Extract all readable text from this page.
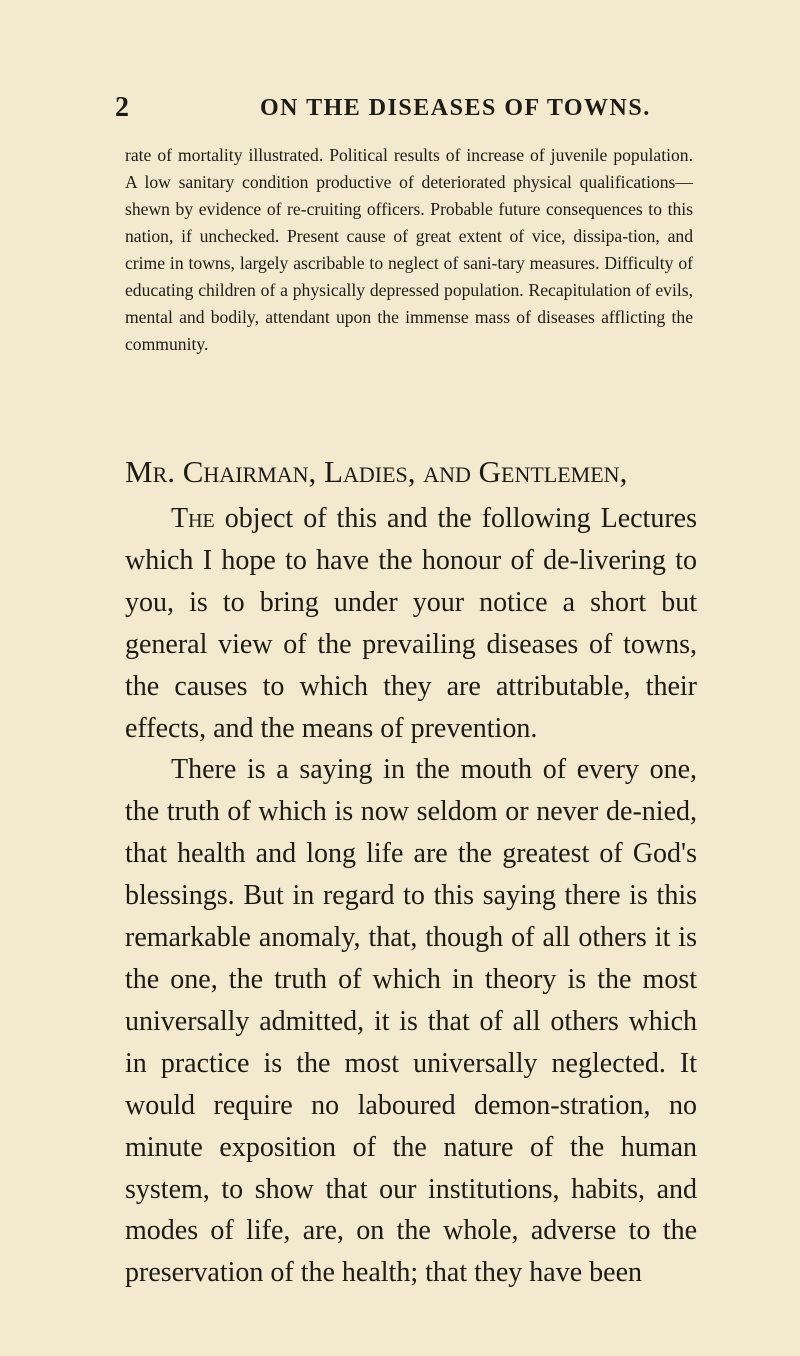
2	ON THE DISEASES OF TOWNS.

rate of mortality illustrated. Political results of increase of juvenile population. A low sanitary condition productive of deteriorated physical qualifications—shewn by evidence of re-cruiting officers. Probable future consequences to this nation, if unchecked. Present cause of great extent of vice, dissipa-tion, and crime in towns, largely ascribable to neglect of sani-tary measures. Difficulty of educating children of a physically depressed population. Recapitulation of evils, mental and bodily, attendant upon the immense mass of diseases afflicting the community.

Mr. Chairman, Ladies, and Gentlemen,

The object of this and the following Lectures which I hope to have the honour of de-livering to you, is to bring under your notice a short but general view of the prevailing diseases of towns, the causes to which they are attributable, their effects, and the means of prevention.

There is a saying in the mouth of every one, the truth of which is now seldom or never de-nied, that health and long life are the greatest of God's blessings. But in regard to this saying there is this remarkable anomaly, that, though of all others it is the one, the truth of which in theory is the most universally admitted, it is that of all others which in practice is the most universally neglected. It would require no laboured demon-stration, no minute exposition of the nature of the human system, to show that our institutions, habits, and modes of life, are, on the whole, adverse to the preservation of the health; that they have been
